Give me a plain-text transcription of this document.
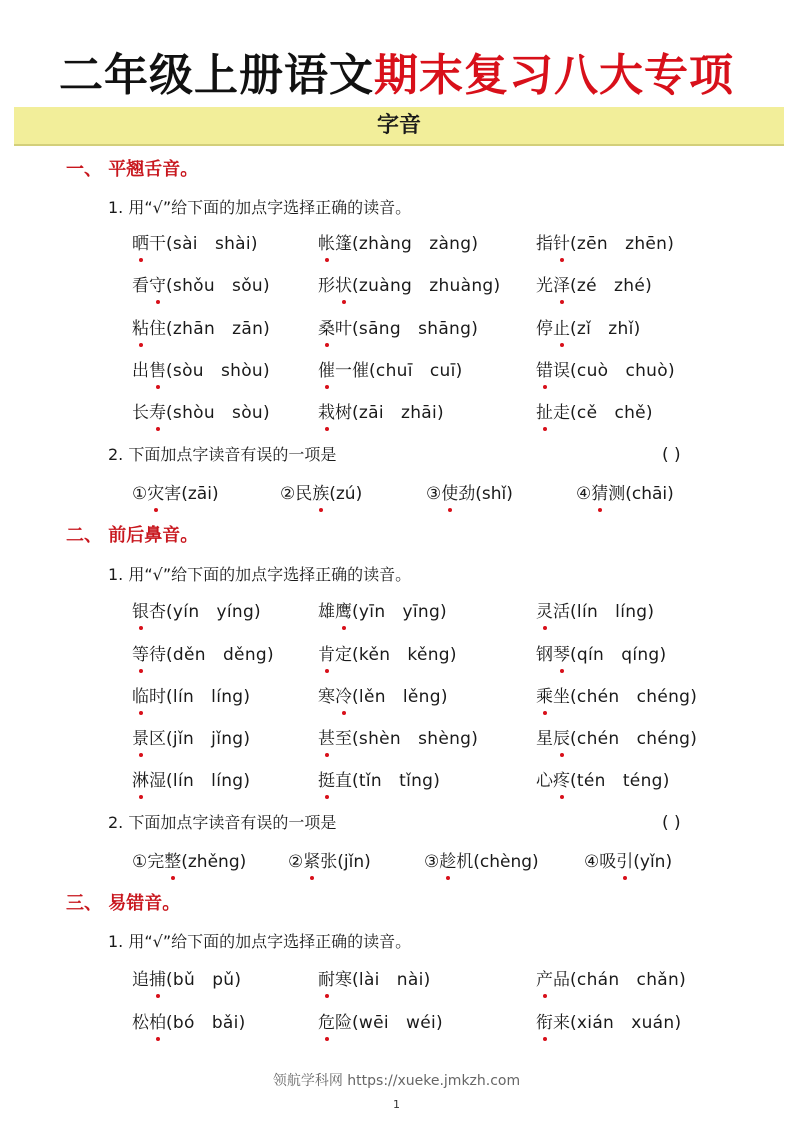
二年级上册语文期末复习八大专项
字音
一、 平翘舌音。
1. 用“√”给下面的加点字选择正确的读音。
晒干(sài   shài)	帐篷(zhàng   zàng)	指针(zēn   zhēn)
看守(shǒu   sǒu)	形状(zuàng   zhuàng) 光泽(zé   zhé)
粘住(zhān   zān)	桑叶(sāng   shāng)	停止(zǐ   zhǐ)
出售(sòu   shòu)	催一催(chuī   cuī)	错误(cuò   chuò)
长寿(shòu   sòu)	栽树(zāi   zhāi)	扯走(cě   chě)
2. 下面加点字读音有误的一项是	( )
①灾害(zāi)	②民族(zú)	③使劲(shǐ)	④猜测(chāi)
二、 前后鼻音。
1. 用“√”给下面的加点字选择正确的读音。
银杏(yín   yíng)	雄鹰(yīn   yīng)	灵活(lín   líng)
等待(děn   děng)	肯定(kěn   kěng)	钢琴(qín   qíng)
临时(lín   líng)	寒冷(lěn   lěng)	乘坐(chén   chéng)
景区(jǐn   jǐng)	甚至(shèn   shèng)	星辰(chén   chéng)
淋湿(lín   líng)	挺直(tǐn   tǐng)	心疼(tén   téng)
2. 下面加点字读音有误的一项是	( )
①完整(zhěng) ②紧张(jǐn)	③趁机(chèng)	④吸引(yǐn)
三、 易错音。
1. 用“√”给下面的加点字选择正确的读音。
追捕(bǔ   pǔ)	耐寒(lài   nài)	产品(chán   chǎn)
松柏(bó   bǎi)	危险(wēi   wéi)	衔来(xián   xuán)
领航学科网 https://xueke.jmkzh.com
1
